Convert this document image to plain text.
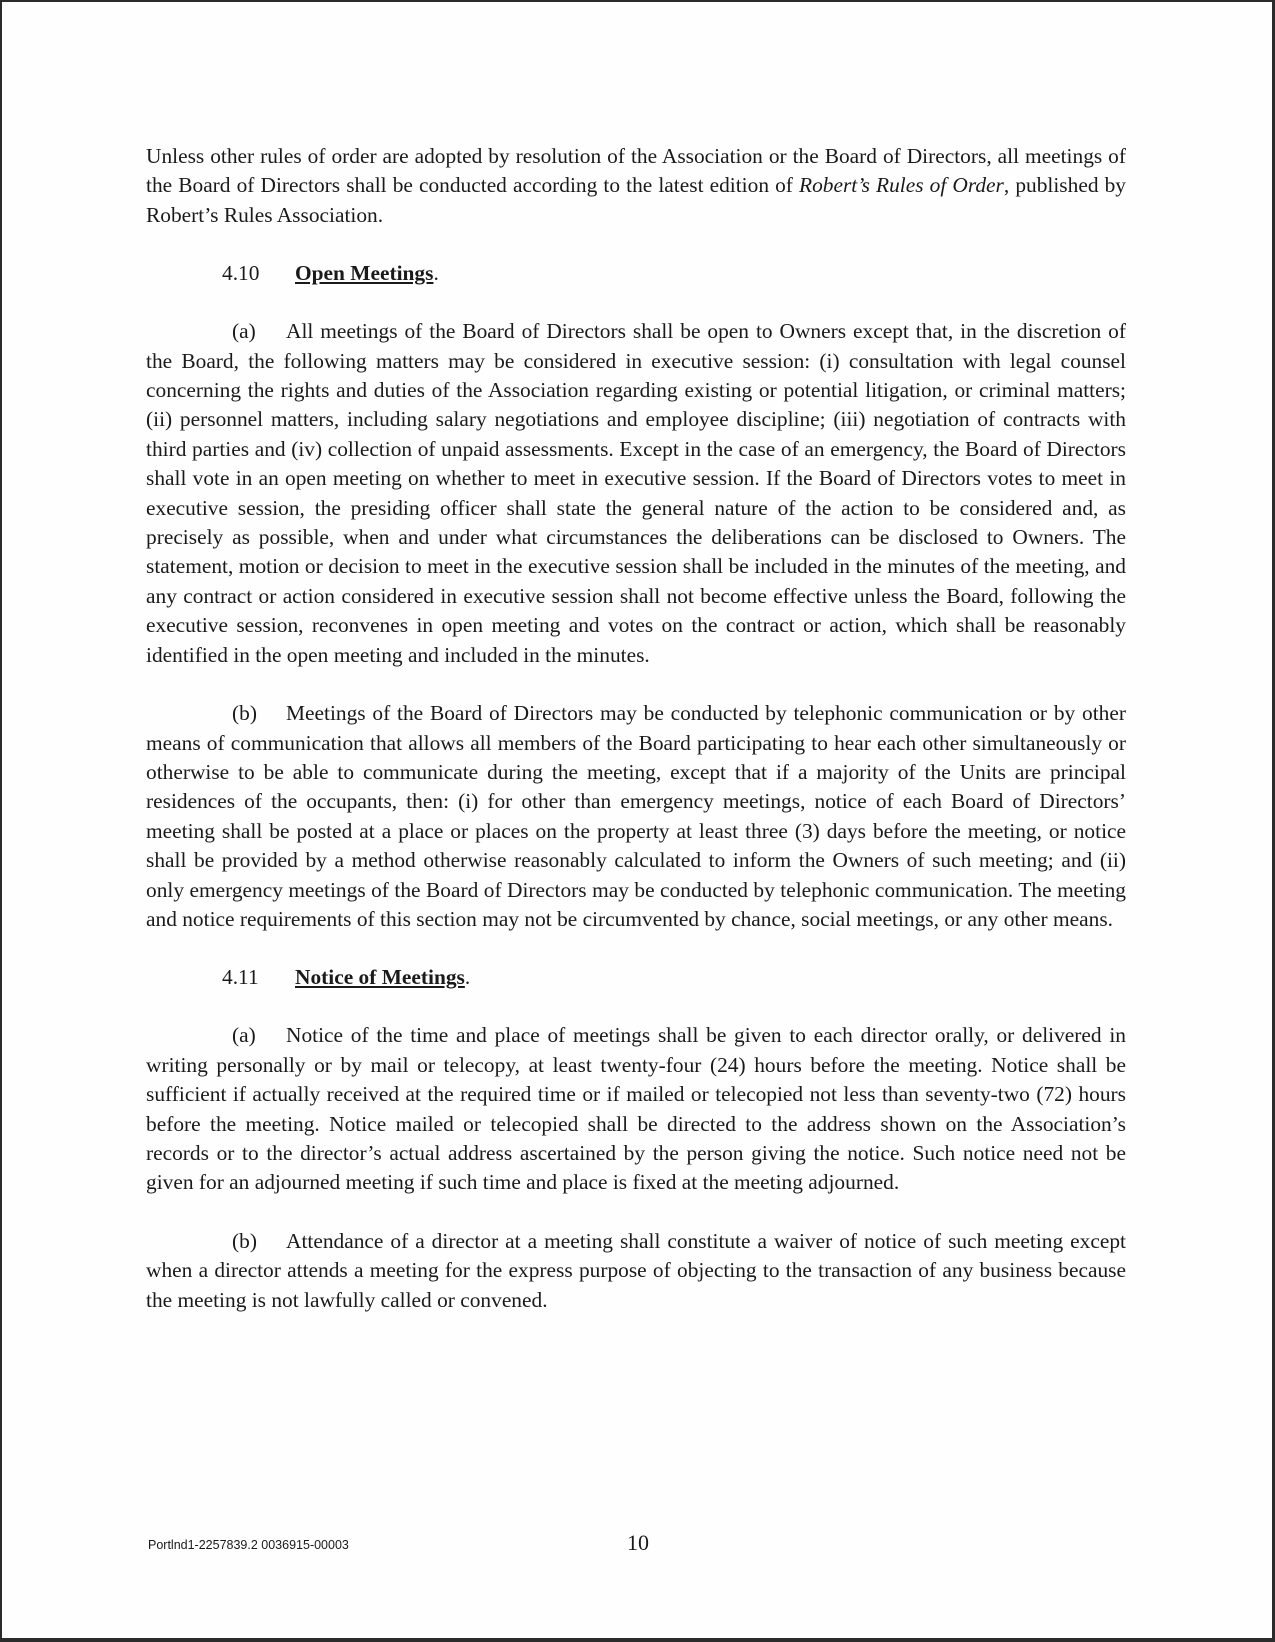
Unless other rules of order are adopted by resolution of the Association or the Board of Directors, all meetings of the Board of Directors shall be conducted according to the latest edition of Robert’s Rules of Order, published by Robert’s Rules Association.

4.10 Open Meetings.

(a) All meetings of the Board of Directors shall be open to Owners except that, in the discretion of the Board, the following matters may be considered in executive session: (i) consultation with legal counsel concerning the rights and duties of the Association regarding existing or potential litigation, or criminal matters; (ii) personnel matters, including salary negotiations and employee discipline; (iii) negotiation of contracts with third parties and (iv) collection of unpaid assessments. Except in the case of an emergency, the Board of Directors shall vote in an open meeting on whether to meet in executive session. If the Board of Directors votes to meet in executive session, the presiding officer shall state the general nature of the action to be considered and, as precisely as possible, when and under what circumstances the deliberations can be disclosed to Owners. The statement, motion or decision to meet in the executive session shall be included in the minutes of the meeting, and any contract or action considered in executive session shall not become effective unless the Board, following the executive session, reconvenes in open meeting and votes on the contract or action, which shall be reasonably identified in the open meeting and included in the minutes.

(b) Meetings of the Board of Directors may be conducted by telephonic communication or by other means of communication that allows all members of the Board participating to hear each other simultaneously or otherwise to be able to communicate during the meeting, except that if a majority of the Units are principal residences of the occupants, then: (i) for other than emergency meetings, notice of each Board of Directors’ meeting shall be posted at a place or places on the property at least three (3) days before the meeting, or notice shall be provided by a method otherwise reasonably calculated to inform the Owners of such meeting; and (ii) only emergency meetings of the Board of Directors may be conducted by telephonic communication. The meeting and notice requirements of this section may not be circumvented by chance, social meetings, or any other means.

4.11 Notice of Meetings.

(a) Notice of the time and place of meetings shall be given to each director orally, or delivered in writing personally or by mail or telecopy, at least twenty-four (24) hours before the meeting. Notice shall be sufficient if actually received at the required time or if mailed or telecopied not less than seventy-two (72) hours before the meeting. Notice mailed or telecopied shall be directed to the address shown on the Association’s records or to the director’s actual address ascertained by the person giving the notice. Such notice need not be given for an adjourned meeting if such time and place is fixed at the meeting adjourned.

(b) Attendance of a director at a meeting shall constitute a waiver of notice of such meeting except when a director attends a meeting for the express purpose of objecting to the transaction of any business because the meeting is not lawfully called or convened.

Portlnd1-2257839.2 0036915-00003	10
